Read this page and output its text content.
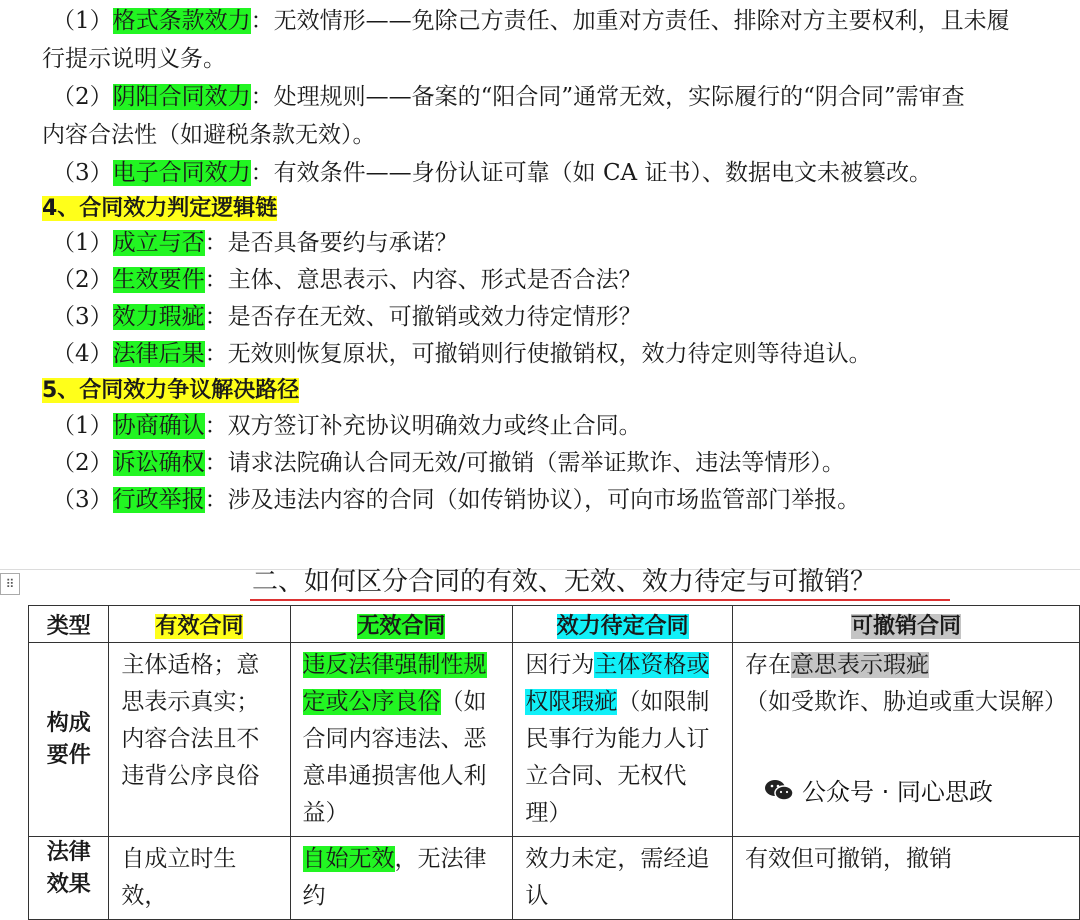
（1）格式条款效力：无效情形——免除己方责任、加重对方责任、排除对方主要权利，且未履
行提示说明义务。
（2）阴阳合同效力：处理规则——备案的“阳合同”通常无效，实际履行的“阴合同”需审查
内容合法性（如避税条款无效）。
（3）电子合同效力：有效条件——身份认证可靠（如 CA 证书）、数据电文未被篡改。
4、合同效力判定逻辑链
（1）成立与否：是否具备要约与承诺？
（2）生效要件：主体、意思表示、内容、形式是否合法？
（3）效力瑕疵：是否存在无效、可撤销或效力待定情形？
（4）法律后果：无效则恢复原状，可撤销则行使撤销权，效力待定则等待追认。
5、合同效力争议解决路径
（1）协商确认：双方签订补充协议明确效力或终止合同。
（2）诉讼确权：请求法院确认合同无效/可撤销（需举证欺诈、违法等情形）。
（3）行政举报：涉及违法内容的合同（如传销协议），可向市场监管部门举报。
⠿	二、如何区分合同的有效、无效、效力待定与可撤销？
类型	有效合同	无效合同	效力待定合同	可撤销合同

构成要件	主体适格；意思表示真实；内容合法且不违背公序良俗	违反法律强制性规定或公序良俗（如合同内容违法、恶意串通损害他人利益）	因行为主体资格或权限瑕疵（如限制民事行为能力人订立合同、无权代理）	存在意思表示瑕疵
（如受欺诈、胁迫或重大误解）

法律效果	自成立时生效，	自始无效，无法律约	效力未定，需经追认	有效但可撤销，撤销
公众号 · 同心思政
